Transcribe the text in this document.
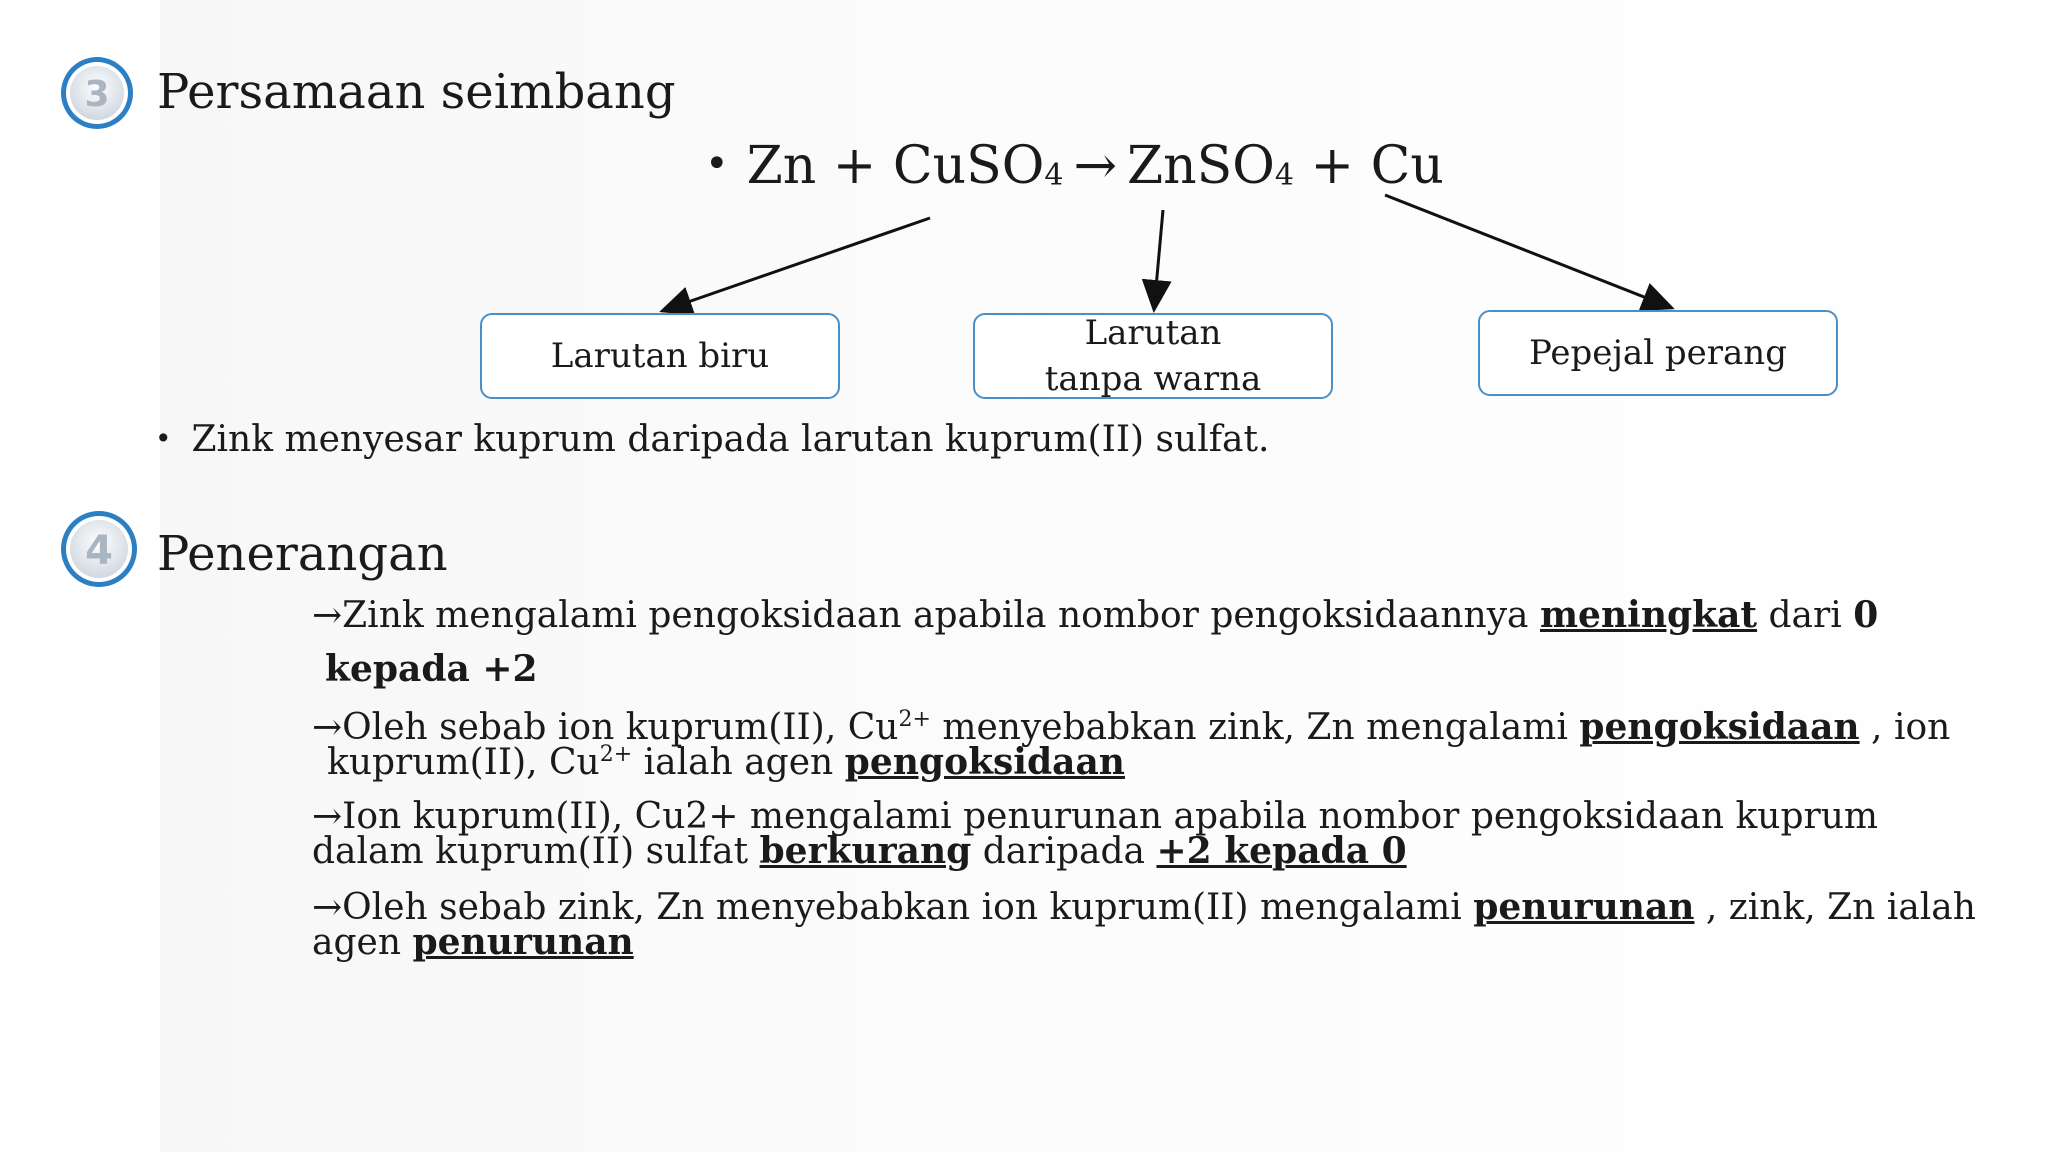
3 Persamaan seimbang
• Zn + CuSO$_4$ → ZnSO$_4$ + Cu
Larutan biru
Larutan tanpa warna
Pepejal perang
• Zink menyesar kuprum daripada larutan kuprum(II) sulfat.
4 Penerangan
→Zink mengalami pengoksidaan apabila nombor pengoksidaannya meningkat dari 0
kepada +2
→Oleh sebab ion kuprum(II), $Cu^{2+}$ menyebabkan zink, Zn mengalami pengoksidaan , ion
kuprum(II), $Cu^{2+}$ ialah agen pengoksidaan
→Ion kuprum(II), Cu2+ mengalami penurunan apabila nombor pengoksidaan kuprum
dalam kuprum(II) sulfat berkurang daripada +2 kepada 0
→Oleh sebab zink, Zn menyebabkan ion kuprum(II) mengalami penurunan , zink, Zn ialah
agen penurunan
